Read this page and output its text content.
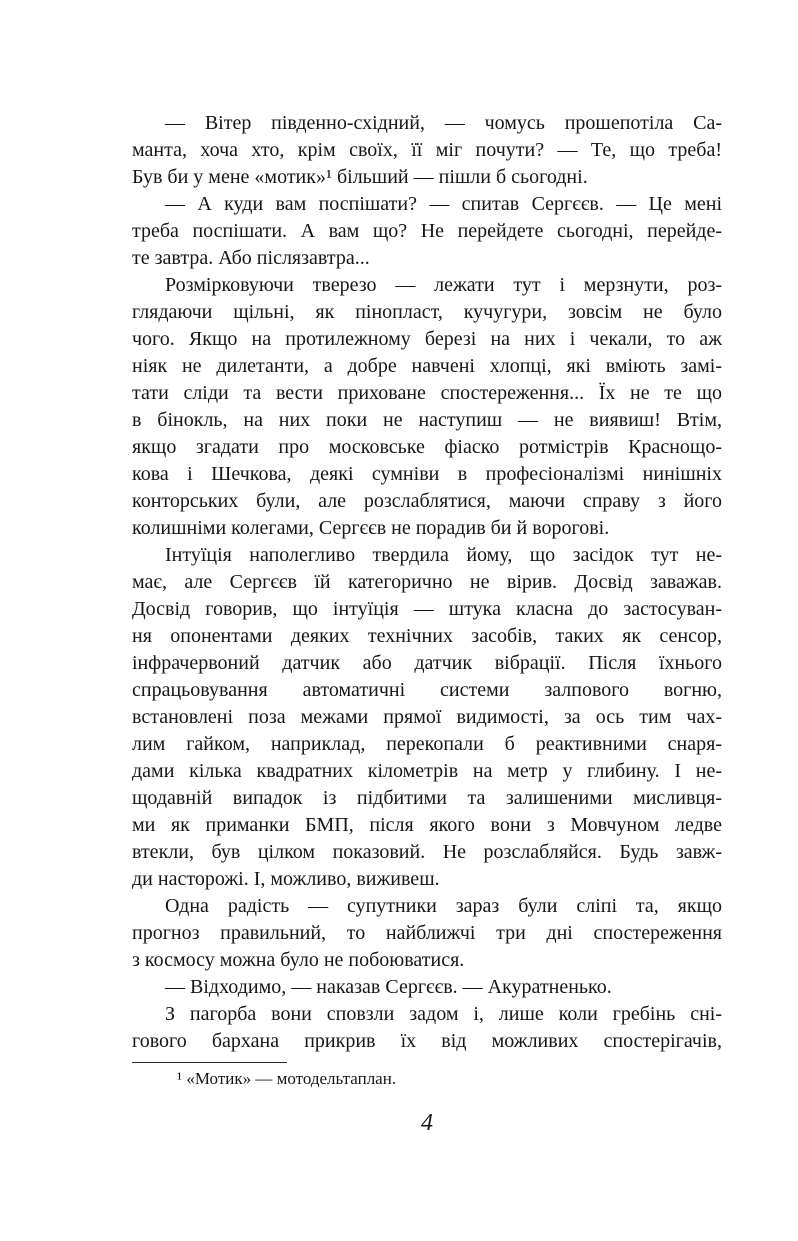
— Вітер південно-східний, — чомусь прошепотіла Са-
манта, хоча хто, крім своїх, її міг почути? — Те, що треба!
Був би у мене «мотик»¹ більший — пішли б сьогодні.
— А куди вам поспішати? — спитав Сергєєв. — Це мені
треба поспішати. А вам що? Не перейдете сьогодні, перейде-
те завтра. Або післязавтра...
Розмірковуючи тверезо — лежати тут і мерзнути, роз-
глядаючи щільні, як пінопласт, кучугури, зовсім не було
чого. Якщо на протилежному березі на них і чекали, то аж
ніяк не дилетанти, а добре навчені хлопці, які вміють замі-
тати сліди та вести приховане спостереження... Їх не те що
в бінокль, на них поки не наступиш — не виявиш! Втім,
якщо згадати про московське фіаско ротмістрів Краснощо-
кова і Шечкова, деякі сумніви в професіоналізмі нинішніх
конторських були, але розслаблятися, маючи справу з його
колишніми колегами, Сергєєв не порадив би й ворогові.
Інтуїція наполегливо твердила йому, що засідок тут не-
має, але Сергєєв їй категорично не вірив. Досвід заважав.
Досвід говорив, що інтуїція — штука класна до застосуван-
ня опонентами деяких технічних засобів, таких як сенсор,
інфрачервоний датчик або датчик вібрації. Після їхнього
спрацьовування автоматичні системи залпового вогню,
встановлені поза межами прямої видимості, за ось тим чах-
лим гайком, наприклад, перекопали б реактивними снаря-
дами кілька квадратних кілометрів на метр у глибину. І не-
щодавній випадок із підбитими та залишеними мисливця-
ми як приманки БМП, після якого вони з Мовчуном ледве
втекли, був цілком показовий. Не розслабляйся. Будь завж-
ди насторожі. І, можливо, виживеш.
Одна радість — супутники зараз були сліпі та, якщо
прогноз правильний, то найближчі три дні спостереження
з космосу можна було не побоюватися.
— Відходимо, — наказав Сергєєв. — Акуратненько.
З пагорба вони сповзли задом і, лише коли гребінь сні-
гового бархана прикрив їх від можливих спостерігачів,
¹ «Мотик» — мотодельтаплан.
4
